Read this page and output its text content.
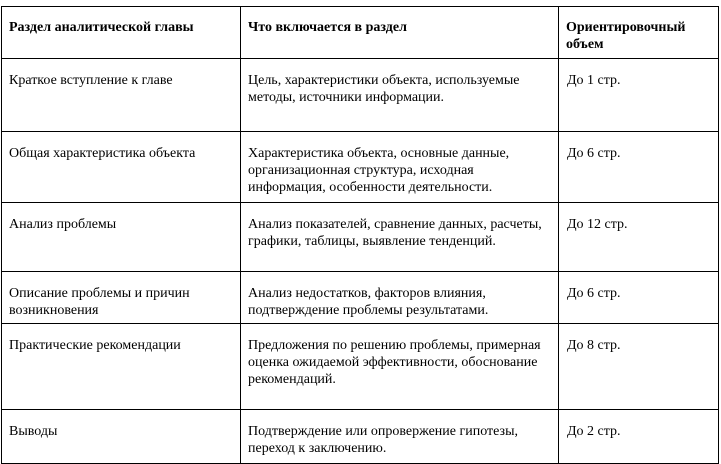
Раздел аналитической главы	Что включается в раздел	Ориентировочный объем
Краткое вступление к главе	Цель, характеристики объекта, используемые методы, источники информации.	До 1 стр.
Общая характеристика объекта	Характеристика объекта, основные данные, организационная структура, исходная информация, особенности деятельности.	До 6 стр.
Анализ проблемы	Анализ показателей, сравнение данных, расчеты, графики, таблицы, выявление тенденций.	До 12 стр.
Описание проблемы и причин возникновения	Анализ недостатков, факторов влияния, подтверждение проблемы результатами.	До 6 стр.
Практические рекомендации	Предложения по решению проблемы, примерная оценка ожидаемой эффективности, обоснование рекомендаций.	До 8 стр.
Выводы	Подтверждение или опровержение гипотезы, переход к заключению.	До 2 стр.
